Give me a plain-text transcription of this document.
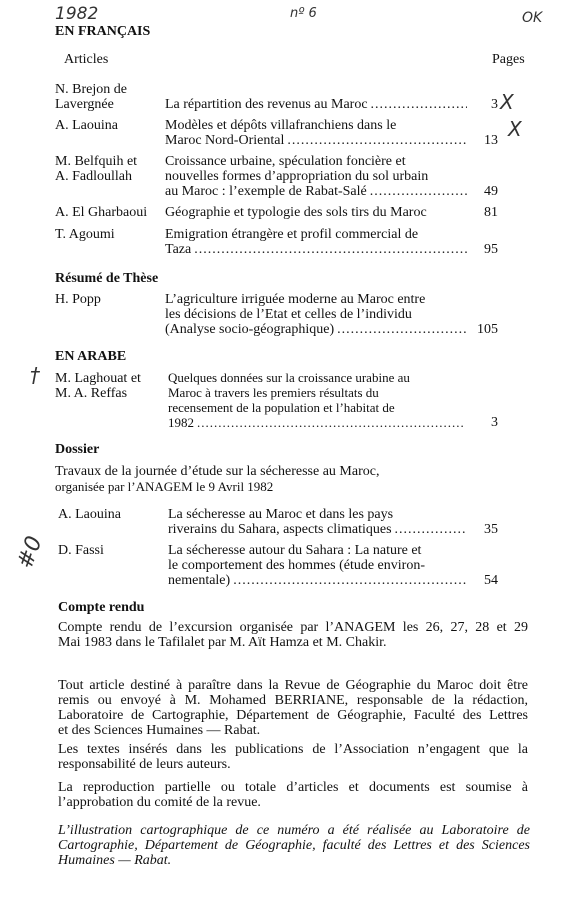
1982	nº 6	OK
X
X
†
#0
EN FRANÇAIS
Articles	Pages
N. Brejon de
Lavergnée	La répartition des revenus au Maroc .....	3
A. Laouina	Modèles et dépôts villafranchiens dans le
Maroc Nord-Oriental .....	13
M. Belfquih et
A. Fadloullah
Croissance urbaine, spéculation foncière et
nouvelles formes d’appropriation du sol urbain
au Maroc : l’exemple de Rabat-Salé .....	49
A. El Gharbaoui Géographie et typologie des sols tirs du Maroc	81
T. Agoumi	Emigration étrangère et profil commercial de
Taza .....	95
Résumé de Thèse
H. Popp	L’agriculture irriguée moderne au Maroc entre
les décisions de l’Etat et celles de l’individu
(Analyse socio-géographique) .....	105
EN ARABE
M. Laghouat et
M. A. Reffas
Quelques données sur la croissance urabine au
Maroc à travers les premiers résultats du
recensement de la population et l’habitat de
1982 .....	3
Dossier
Travaux de la journée d’étude sur la sécheresse au Maroc,
organisée par l’ANAGEM le 9 Avril 1982
A. Laouina	La sécheresse au Maroc et dans les pays
riverains du Sahara, aspects climatiques .....	35
D. Fassi	La sécheresse autour du Sahara : La nature et
le comportement des hommes (étude environ-
nementale) .....	54
Compte rendu
Compte rendu de l’excursion organisée par l’ANAGEM les 26, 27, 28 et 29
Mai 1983 dans le Tafilalet par M. Aït Hamza et M. Chakir.
Tout article destiné à paraître dans la Revue de Géographie du Maroc doit être
remis ou envoyé à M. Mohamed BERRIANE, responsable de la rédaction,
Laboratoire de Cartographie, Département de Géographie, Faculté des Lettres
et des Sciences Humaines — Rabat.
Les textes insérés dans les publications de l’Association n’engagent que la
responsabilité de leurs auteurs.
La reproduction partielle ou totale d’articles et documents est soumise à
l’approbation du comité de la revue.
L’illustration cartographique de ce numéro a été réalisée au Laboratoire de
Cartographie, Département de Géographie, faculté des Lettres et des Sciences
Humaines — Rabat.
